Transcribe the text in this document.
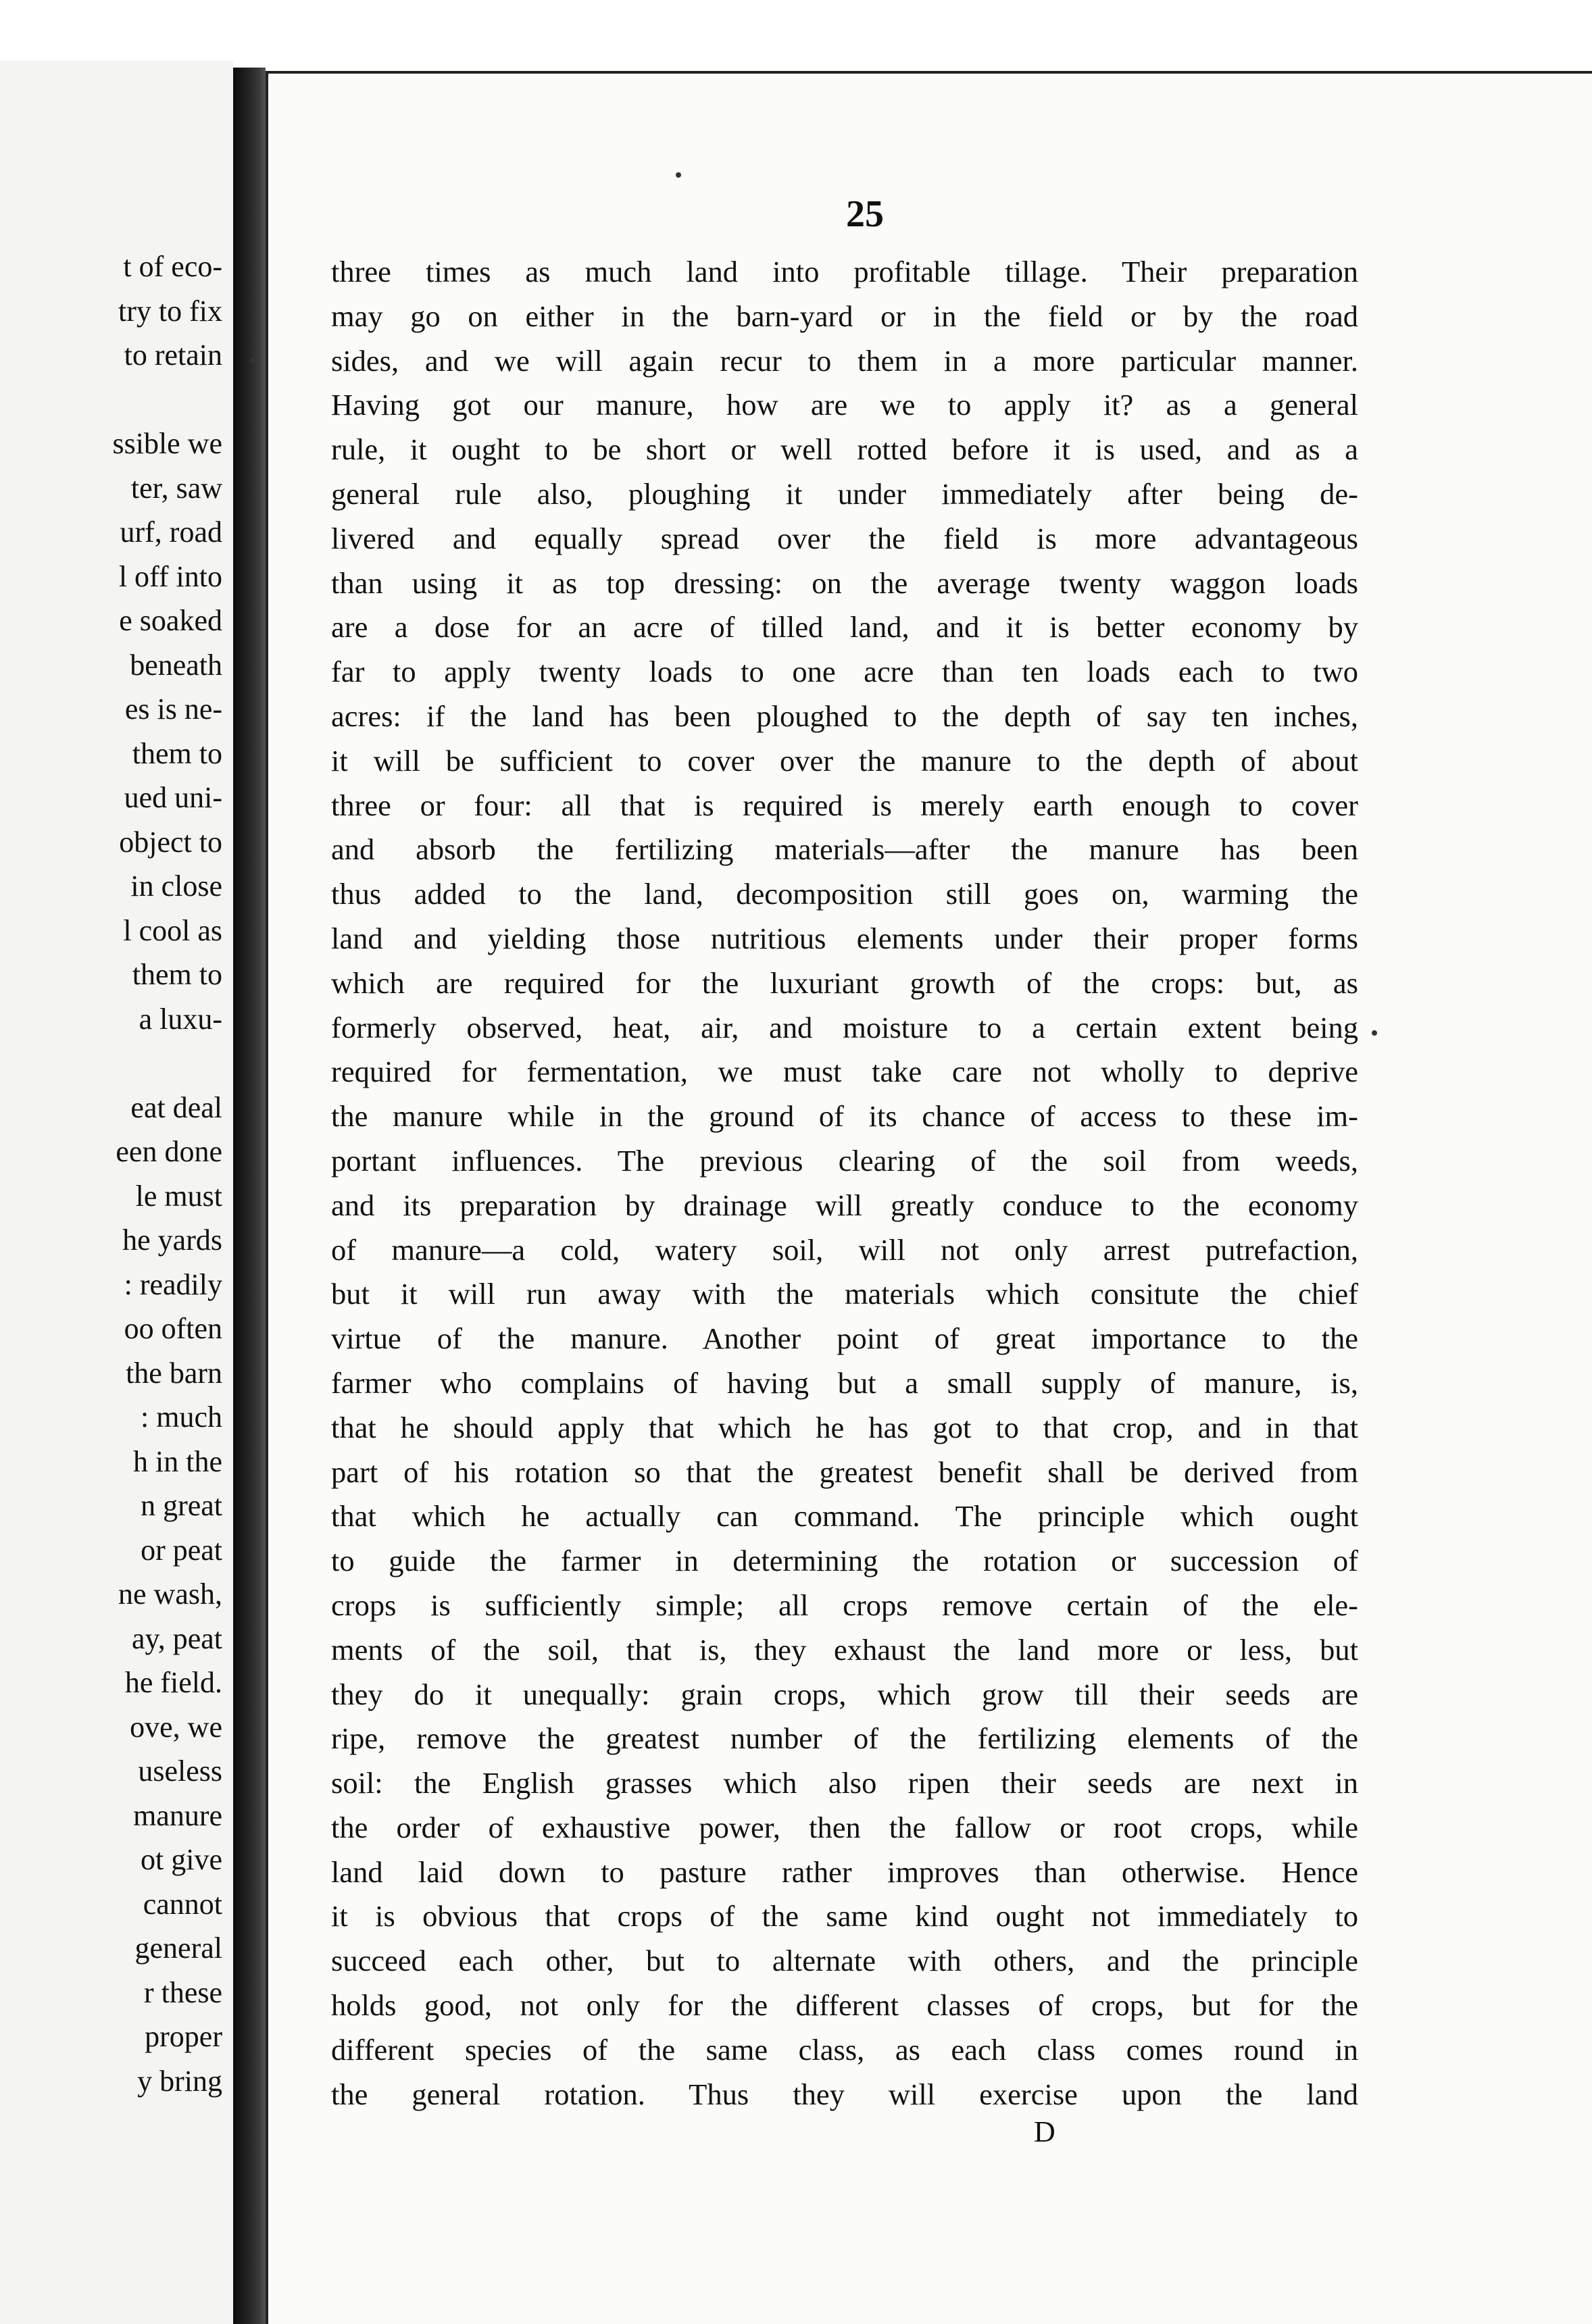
t of eco-
try to fix
to retain
ssible we
ter, saw
urf, road
l off into
e soaked
beneath
es is ne-
them to
ued uni-
object to
in close
l cool as
them to
a luxu-
eat deal
een done
le must
he yards
: readily
oo often
the barn
: much
h in the
n great
or peat
ne wash,
ay, peat
he field.
ove, we
useless
manure
ot give
cannot
general
r these
proper
y bring
25
three times as much land into profitable tillage. Their preparation
may go on either in the barn-yard or in the field or by the road
sides, and we will again recur to them in a more particular manner.
Having got our manure, how are we to apply it? as a general
rule, it ought to be short or well rotted before it is used, and as a
general rule also, ploughing it under immediately after being de-
livered and equally spread over the field is more advantageous
than using it as top dressing: on the average twenty waggon loads
are a dose for an acre of tilled land, and it is better economy by
far to apply twenty loads to one acre than ten loads each to two
acres: if the land has been ploughed to the depth of say ten inches,
it will be sufficient to cover over the manure to the depth of about
three or four: all that is required is merely earth enough to cover
and absorb the fertilizing materials—after the manure has been
thus added to the land, decomposition still goes on, warming the
land and yielding those nutritious elements under their proper forms
which are required for the luxuriant growth of the crops: but, as
formerly observed, heat, air, and moisture to a certain extent being
required for fermentation, we must take care not wholly to deprive
the manure while in the ground of its chance of access to these im-
portant influences. The previous clearing of the soil from weeds,
and its preparation by drainage will greatly conduce to the economy
of manure—a cold, watery soil, will not only arrest putrefaction,
but it will run away with the materials which consitute the chief
virtue of the manure. Another point of great importance to the
farmer who complains of having but a small supply of manure, is,
that he should apply that which he has got to that crop, and in that
part of his rotation so that the greatest benefit shall be derived from
that which he actually can command. The principle which ought
to guide the farmer in determining the rotation or succession of
crops is sufficiently simple; all crops remove certain of the ele-
ments of the soil, that is, they exhaust the land more or less, but
they do it unequally: grain crops, which grow till their seeds are
ripe, remove the greatest number of the fertilizing elements of the
soil: the English grasses which also ripen their seeds are next in
the order of exhaustive power, then the fallow or root crops, while
land laid down to pasture rather improves than otherwise. Hence
it is obvious that crops of the same kind ought not immediately to
succeed each other, but to alternate with others, and the principle
holds good, not only for the different classes of crops, but for the
different species of the same class, as each class comes round in
the general rotation. Thus they will exercise upon the land
D
